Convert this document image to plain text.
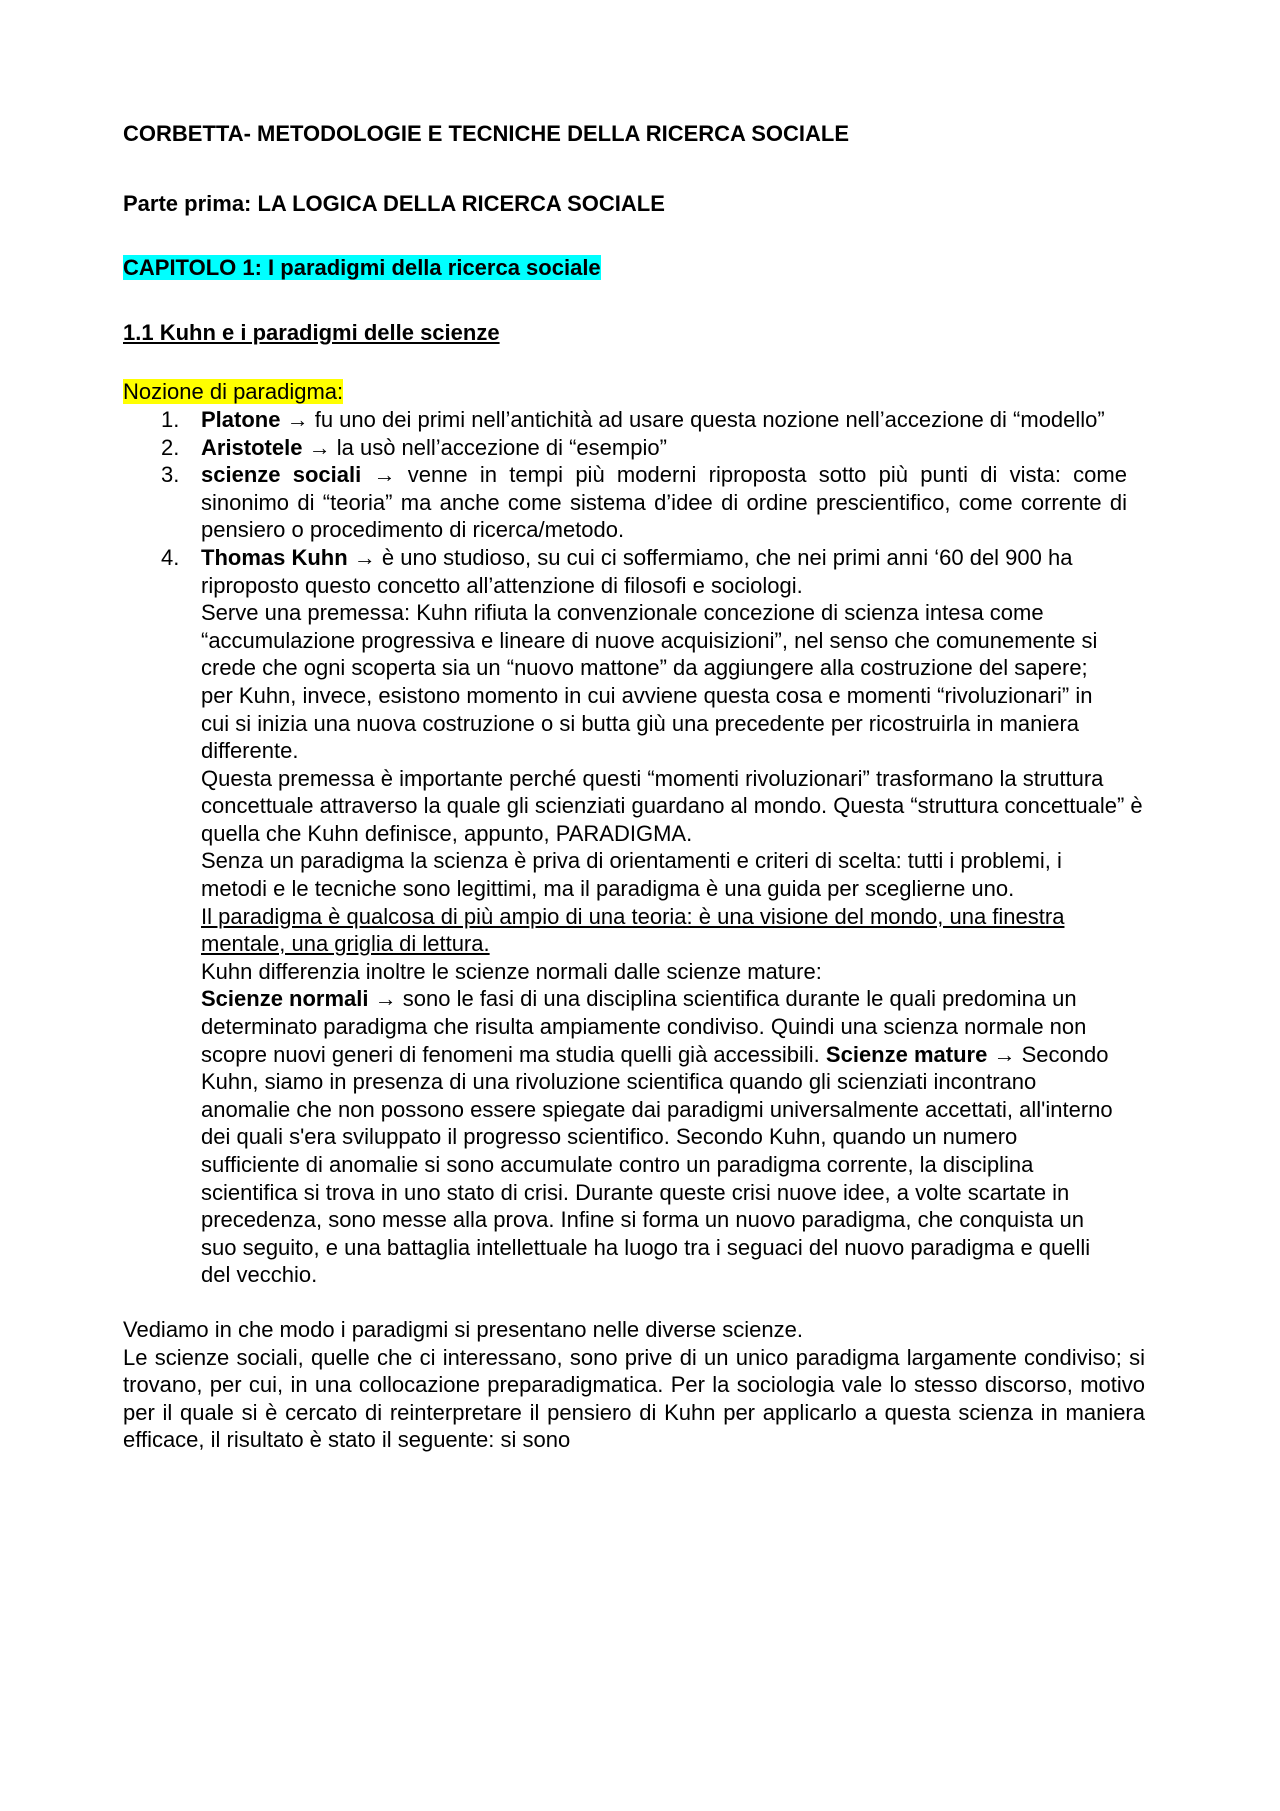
CORBETTA- METODOLOGIE E TECNICHE DELLA RICERCA SOCIALE

Parte prima: LA LOGICA DELLA RICERCA SOCIALE

CAPITOLO 1: I paradigmi della ricerca sociale

1.1 Kuhn e i paradigmi delle scienze

Nozione di paradigma:

1. Platone → fu uno dei primi nell’antichità ad usare questa nozione nell’accezione di “modello”
2. Aristotele → la usò nell’accezione di “esempio”
3. scienze sociali → venne in tempi più moderni riproposta sotto più punti di vista: come sinonimo di “teoria” ma anche come sistema d’idee di ordine prescientifico, come corrente di pensiero o procedimento di ricerca/metodo.
4. Thomas Kuhn → è uno studioso, su cui ci soffermiamo, che nei primi anni ‘60 del 900 ha riproposto questo concetto all’attenzione di filosofi e sociologi.

Serve una premessa: Kuhn rifiuta la convenzionale concezione di scienza intesa come “accumulazione progressiva e lineare di nuove acquisizioni”, nel senso che comunemente si crede che ogni scoperta sia un “nuovo mattone” da aggiungere alla costruzione del sapere; per Kuhn, invece, esistono momento in cui avviene questa cosa e momenti “rivoluzionari” in cui si inizia una nuova costruzione o si butta giù una precedente per ricostruirla in maniera differente.

Questa premessa è importante perché questi “momenti rivoluzionari” trasformano la struttura concettuale attraverso la quale gli scienziati guardano al mondo. Questa “struttura concettuale” è quella che Kuhn definisce, appunto, PARADIGMA.

Senza un paradigma la scienza è priva di orientamenti e criteri di scelta: tutti i problemi, i metodi e le tecniche sono legittimi, ma il paradigma è una guida per sceglierne uno.

Il paradigma è qualcosa di più ampio di una teoria: è una visione del mondo, una finestra mentale, una griglia di lettura.

Kuhn differenzia inoltre le scienze normali dalle scienze mature:

Scienze normali → sono le fasi di una disciplina scientifica durante le quali predomina un determinato paradigma che risulta ampiamente condiviso. Quindi una scienza normale non scopre nuovi generi di fenomeni ma studia quelli già accessibili. Scienze mature → Secondo Kuhn, siamo in presenza di una rivoluzione scientifica quando gli scienziati incontrano anomalie che non possono essere spiegate dai paradigmi universalmente accettati, all'interno dei quali s'era sviluppato il progresso scientifico. Secondo Kuhn, quando un numero sufficiente di anomalie si sono accumulate contro un paradigma corrente, la disciplina scientifica si trova in uno stato di crisi. Durante queste crisi nuove idee, a volte scartate in precedenza, sono messe alla prova. Infine si forma un nuovo paradigma, che conquista un suo seguito, e una battaglia intellettuale ha luogo tra i seguaci del nuovo paradigma e quelli del vecchio.

Vediamo in che modo i paradigmi si presentano nelle diverse scienze.

Le scienze sociali, quelle che ci interessano, sono prive di un unico paradigma largamente condiviso; si trovano, per cui, in una collocazione preparadigmatica. Per la sociologia vale lo stesso discorso, motivo per il quale si è cercato di reinterpretare il pensiero di Kuhn per applicarlo a questa scienza in maniera efficace, il risultato è stato il seguente: si sono
